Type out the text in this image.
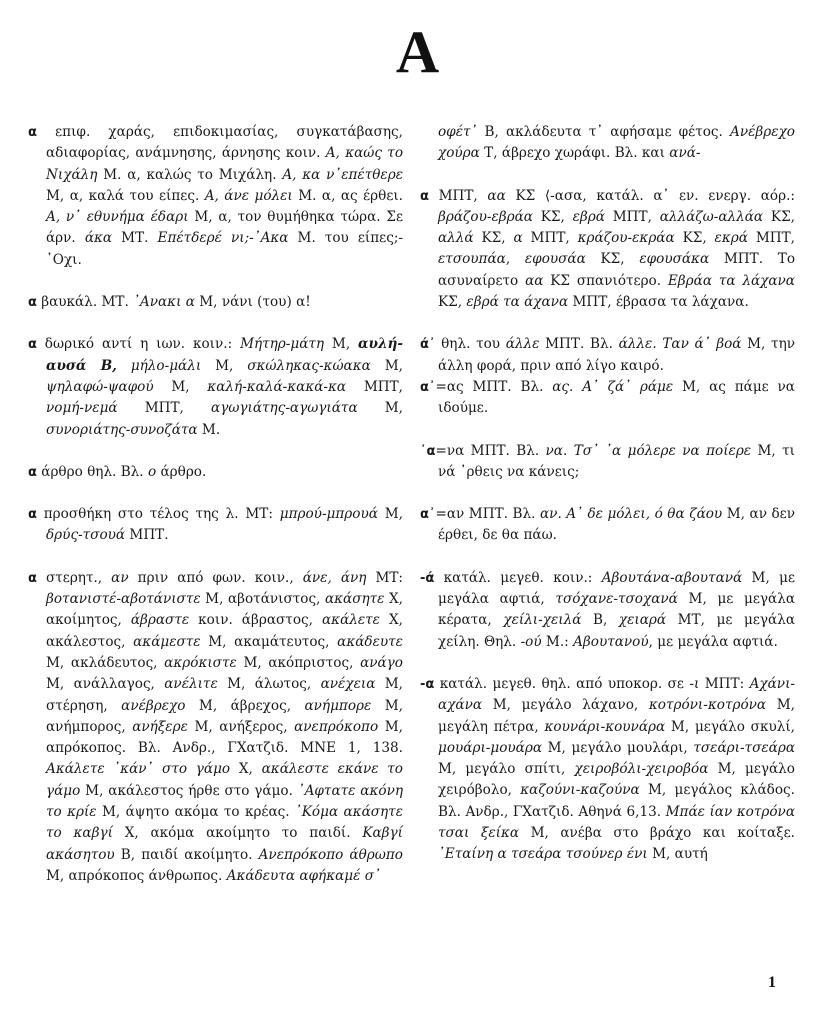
A

α επιφ. χαράς, επιδοκιμασίας, συγκατάβασης, αδιαφορίας, ανάμνησης, άρνησης κοιν. Α, καώς το Νιχάλη Μ. α, καλώς το Μιχάλη. Α, κα ν᾽επέτθερε Μ, α, καλά του είπες. Α, άνε μόλει Μ. α, ας έρθει. Α, ν᾽ εθυνήμα έδαρι Μ, α, τον θυμήθηκα τώρα. Σε άρν. άκα ΜΤ. Επέτδερέ νι;-᾽Ακα Μ. του είπες;-᾽Οχι.

α βαυκάλ. ΜΤ. ᾽Ανακι α Μ, νάνι (του) α!

α δωρικό αντί η ιων. κοιν.: Μήτηρ-μάτη Μ, αυλή-αυσά Β, μήλο-μάλι Μ, σκώληκας-κώακα Μ, ψηλαφώ-ψαφού Μ, καλή-καλά-κακά-κα ΜΠΤ, νομή-νεμά ΜΠΤ, αγωγιάτης-αγωγιάτα Μ, συνοριάτης-συνοζάτα Μ.

α άρθρο θηλ. Βλ. ο άρθρο.

α προσθήκη στο τέλος της λ. ΜΤ: μπρού-μπρουά Μ, δρύς-τσουά ΜΠΤ.

α στερητ., αν πριν από φων. κοιν., άνε, άνη ΜΤ: βοτανιστέ-αβοτάνιστε Μ, αβοτάνιστος, ακάσητε Χ, ακοίμητος, άβραστε κοιν. άβραστος, ακάλετε Χ, ακάλεστος, ακάμεστε Μ, ακαμάτευτος, ακάδευτε Μ, ακλάδευτος, ακρόκιστε Μ, ακόπριστος, ανάγο Μ, ανάλλαγος, ανέλιτε Μ, άλωτος, ανέχεια Μ, στέρηση, ανέβρεχο Μ, άβρεχος, ανήμπορε Μ, ανήμπορος, ανήξερε Μ, ανήξερος, ανεπρόκοπο Μ, απρόκοπος. Βλ. Ανδρ., ΓΧατζιδ. ΜΝΕ 1, 138. Ακάλετε ᾽κάν᾽ στο γάμο Χ, ακάλεστε εκάνε το γάμο Μ, ακάλεστος ήρθε στο γάμο. ᾽Αφτατε ακόνη το κρίε Μ, άψητο ακόμα το κρέας. ᾽Κόμα ακάσητε το καβγί Χ, ακόμα ακοίμητο το παιδί. Καβγί ακάσητου Β, παιδί ακοίμητο. Ανεπρόκοπο άθρωπο Μ, απρόκοπος άνθρωπος. Ακάδευτα αφήκαμέ σ᾽

οφέτ᾽ Β, ακλάδευτα τ᾽ αφήσαμε φέτος. Ανέβρεχο χούρα Τ, άβρεχο χωράφι. Βλ. και ανά-

α ΜΠΤ, αα ΚΣ ⟨-ασα, κατάλ. α᾽ εν. ενεργ. αόρ.: βράζου-εβράα ΚΣ, εβρά ΜΠΤ, αλλάζω-αλλάα ΚΣ, αλλά ΚΣ, α ΜΠΤ, κράζου-εκράα ΚΣ, εκρά ΜΠΤ, ετσουπάα, εφουσάα ΚΣ, εφουσάκα ΜΠΤ. Το ασυναίρετο αα ΚΣ σπανιότερο. Εβράα τα λάχανα ΚΣ, εβρά τα άχανα ΜΠΤ, έβρασα τα λάχανα.

ά᾽ θηλ. του άλλε ΜΠΤ. Βλ. άλλε. Ταν ά᾽ βοά Μ, την άλλη φορά, πριν από λίγο καιρό.

α᾽=ας ΜΠΤ. Βλ. ας. Α᾽ ζά᾽ ράμε Μ, ας πάμε να ιδούμε.

᾽α=να ΜΠΤ. Βλ. να. Τσ᾽ ᾽α μόλερε να ποίερε Μ, τι νά ᾽ρθεις να κάνεις;

α᾽=αν ΜΠΤ. Βλ. αν. Α᾽ δε μόλει, ό θα ζάου Μ, αν δεν έρθει, δε θα πάω.

-ά κατάλ. μεγεθ. κοιν.: Αβουτάνα-αβουτανά Μ, με μεγάλα αφτιά, τσόχανε-τσοχανά Μ, με μεγάλα κέρατα, χείλι-χειλά Β, χειαρά ΜΤ, με μεγάλα χείλη. Θηλ. -ού Μ.: Αβουτανού, με μεγάλα αφτιά.

-α κατάλ. μεγεθ. θηλ. από υποκορ. σε -ι ΜΠΤ: Αχάνι-αχάνα Μ, μεγάλο λάχανο, κοτρόνι-κοτρόνα Μ, μεγάλη πέτρα, κουνάρι-κουνάρα Μ, μεγάλο σκυλί, μουάρι-μουάρα Μ, μεγάλο μουλάρι, τσεάρι-τσεάρα Μ, μεγάλο σπίτι, χειροβόλι-χειροβόα Μ, μεγάλο χειρόβολο, καζούνι-καζούνα Μ, μεγάλος κλάδος. Βλ. Ανδρ., ΓΧατζιδ. Αθηνά 6,13. Μπάε ίαν κοτρόνα τσαι ξείκα Μ, ανέβα στο βράχο και κοίταξε. ᾽Εταίνη α τσεάρα τσούνερ ένι Μ, αυτή

1
